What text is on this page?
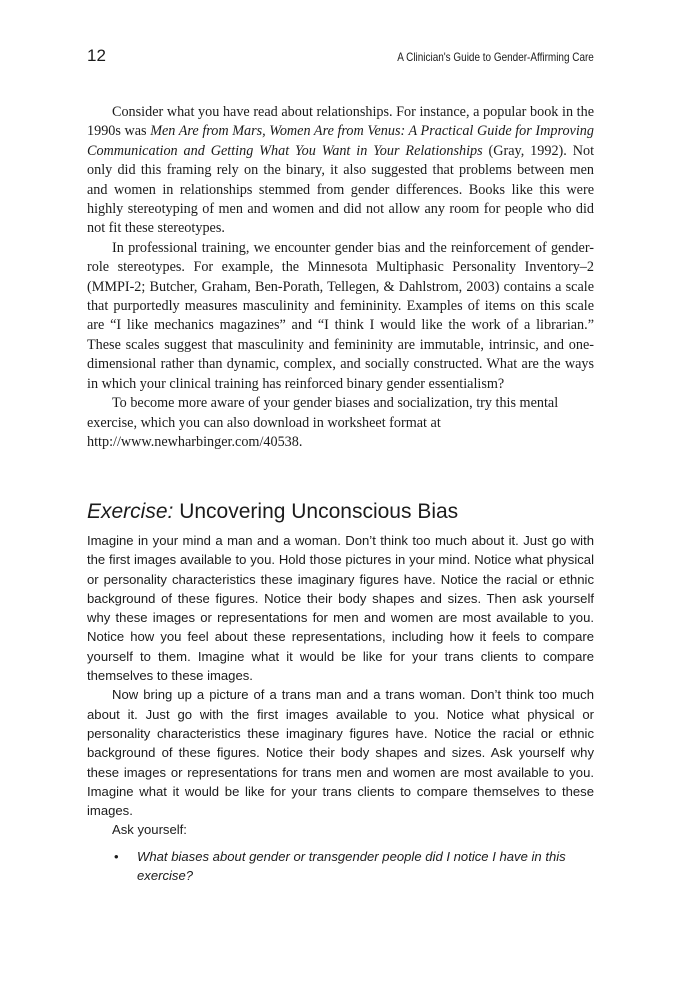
12	A Clinician's Guide to Gender-Affirming Care

Consider what you have read about relationships. For instance, a popular book in the 1990s was Men Are from Mars, Women Are from Venus: A Practical Guide for Improving Communication and Getting What You Want in Your Relationships (Gray, 1992). Not only did this framing rely on the binary, it also suggested that problems between men and women in relationships stemmed from gender differences. Books like this were highly stereotyping of men and women and did not allow any room for people who did not fit these stereotypes.

In professional training, we encounter gender bias and the reinforcement of gender-role stereotypes. For example, the Minnesota Multiphasic Personality Inventory–2 (MMPI-2; Butcher, Graham, Ben-Porath, Tellegen, & Dahlstrom, 2003) contains a scale that purportedly measures masculinity and femininity. Examples of items on this scale are “I like mechanics magazines” and “I think I would like the work of a librarian.” These scales suggest that masculinity and femininity are immutable, intrinsic, and one-dimensional rather than dynamic, complex, and socially constructed. What are the ways in which your clinical training has reinforced binary gender essentialism?

To become more aware of your gender biases and socialization, try this mental exercise, which you can also download in worksheet format at http://www.newharbinger.com/40538.

Exercise: Uncovering Unconscious Bias

Imagine in your mind a man and a woman. Don’t think too much about it. Just go with the first images available to you. Hold those pictures in your mind. Notice what physical or personality characteristics these imaginary figures have. Notice the racial or ethnic background of these figures. Notice their body shapes and sizes. Then ask yourself why these images or representations for men and women are most available to you. Notice how you feel about these representations, including how it feels to compare yourself to them. Imagine what it would be like for your trans clients to compare themselves to these images.

Now bring up a picture of a trans man and a trans woman. Don’t think too much about it. Just go with the first images available to you. Notice what physical or personality characteristics these imaginary figures have. Notice the racial or ethnic background of these figures. Notice their body shapes and sizes. Ask yourself why these images or representations for trans men and women are most available to you. Imagine what it would be like for your trans clients to compare themselves to these images.

Ask yourself:

• What biases about gender or transgender people did I notice I have in this exercise?
